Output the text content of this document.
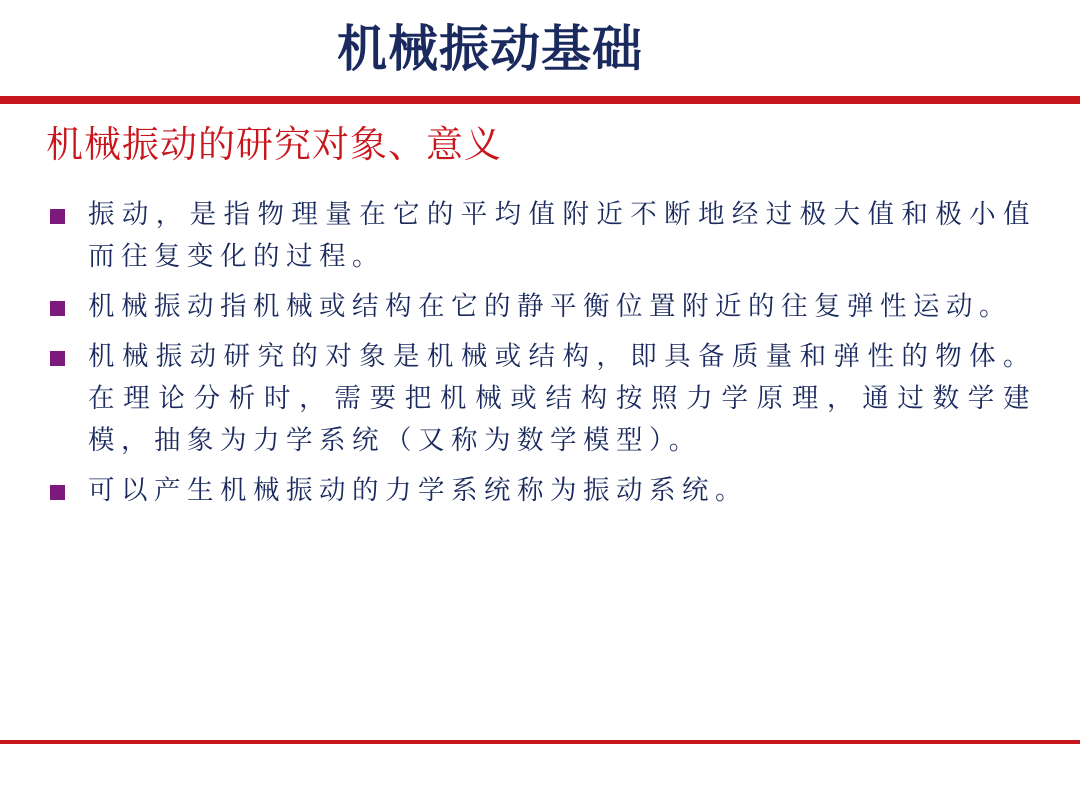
机械振动基础
机械振动的研究对象、意义
振动，是指物理量在它的平均值附近不断地经过极大值和极小值而往复变化的过程。
机械振动指机械或结构在它的静平衡位置附近的往复弹性运动。
机械振动研究的对象是机械或结构，即具备质量和弹性的物体。在理论分析时，需要把机械或结构按照力学原理，通过数学建模，抽象为力学系统（又称为数学模型）。
可以产生机械振动的力学系统称为振动系统。
